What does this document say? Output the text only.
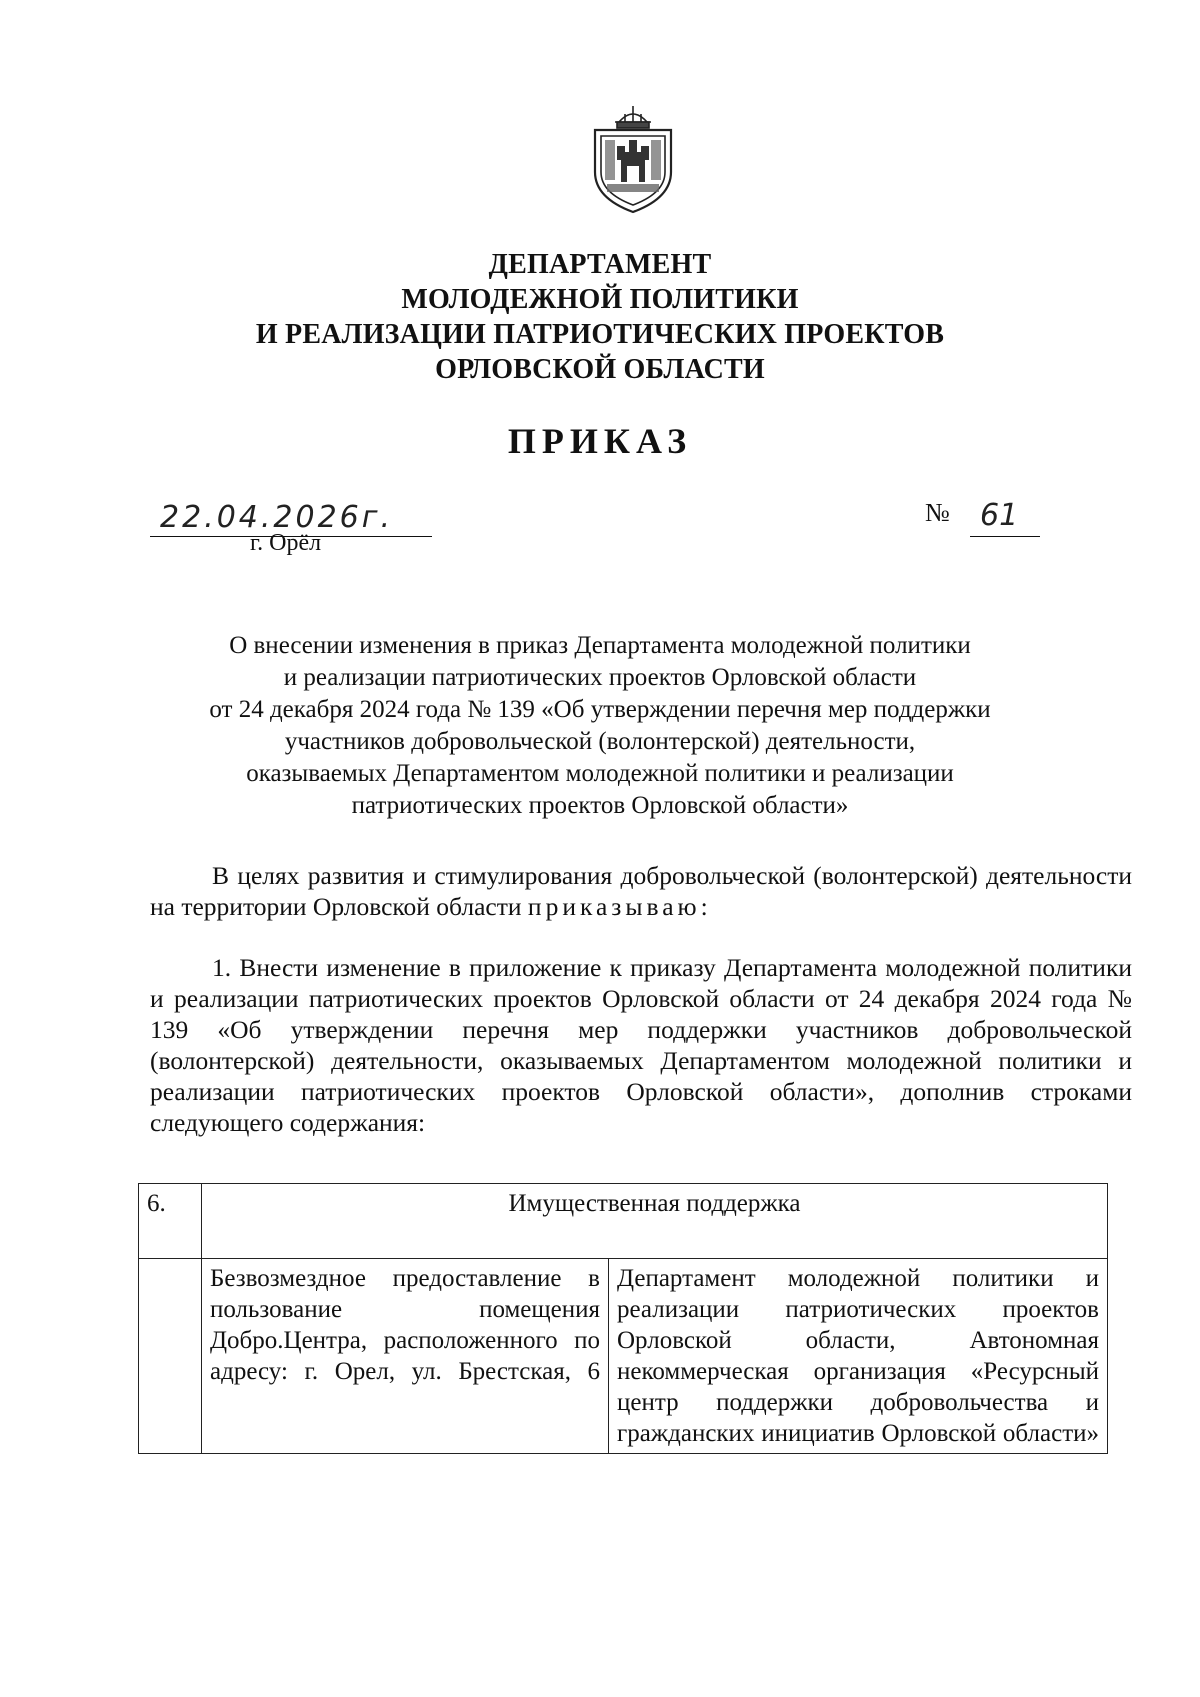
ДЕПАРТАМЕНТ
МОЛОДЕЖНОЙ ПОЛИТИКИ
И РЕАЛИЗАЦИИ ПАТРИОТИЧЕСКИХ ПРОЕКТОВ
ОРЛОВСКОЙ ОБЛАСТИ
ПРИКАЗ
22.04.2026г.
г. Орёл
№ 61
О внесении изменения в приказ Департамента молодежной политики
и реализации патриотических проектов Орловской области
от 24 декабря 2024 года № 139 «Об утверждении перечня мер поддержки
участников добровольческой (волонтерской) деятельности,
оказываемых Департаментом молодежной политики и реализации
патриотических проектов Орловской области»
В целях развития и стимулирования добровольческой (волонтерской) деятельности на территории Орловской области приказываю:
1. Внести изменение в приложение к приказу Департамента молодежной политики и реализации патриотических проектов Орловской области от 24 декабря 2024 года № 139 «Об утверждении перечня мер поддержки участников добровольческой (волонтерской) деятельности, оказываемых Департаментом молодежной политики и реализации патриотических проектов Орловской области», дополнив строками следующего содержания:
6.	Имущественная поддержка	
	Безвозмездное предоставление в пользование помещения Добро.Центра, расположенного по адресу: г. Орел, ул. Брестская, 6	Департамент молодежной политики и реализации патриотических проектов Орловской области, Автономная некоммерческая организация «Ресурсный центр поддержки добровольчества и гражданских инициатив Орловской области»
